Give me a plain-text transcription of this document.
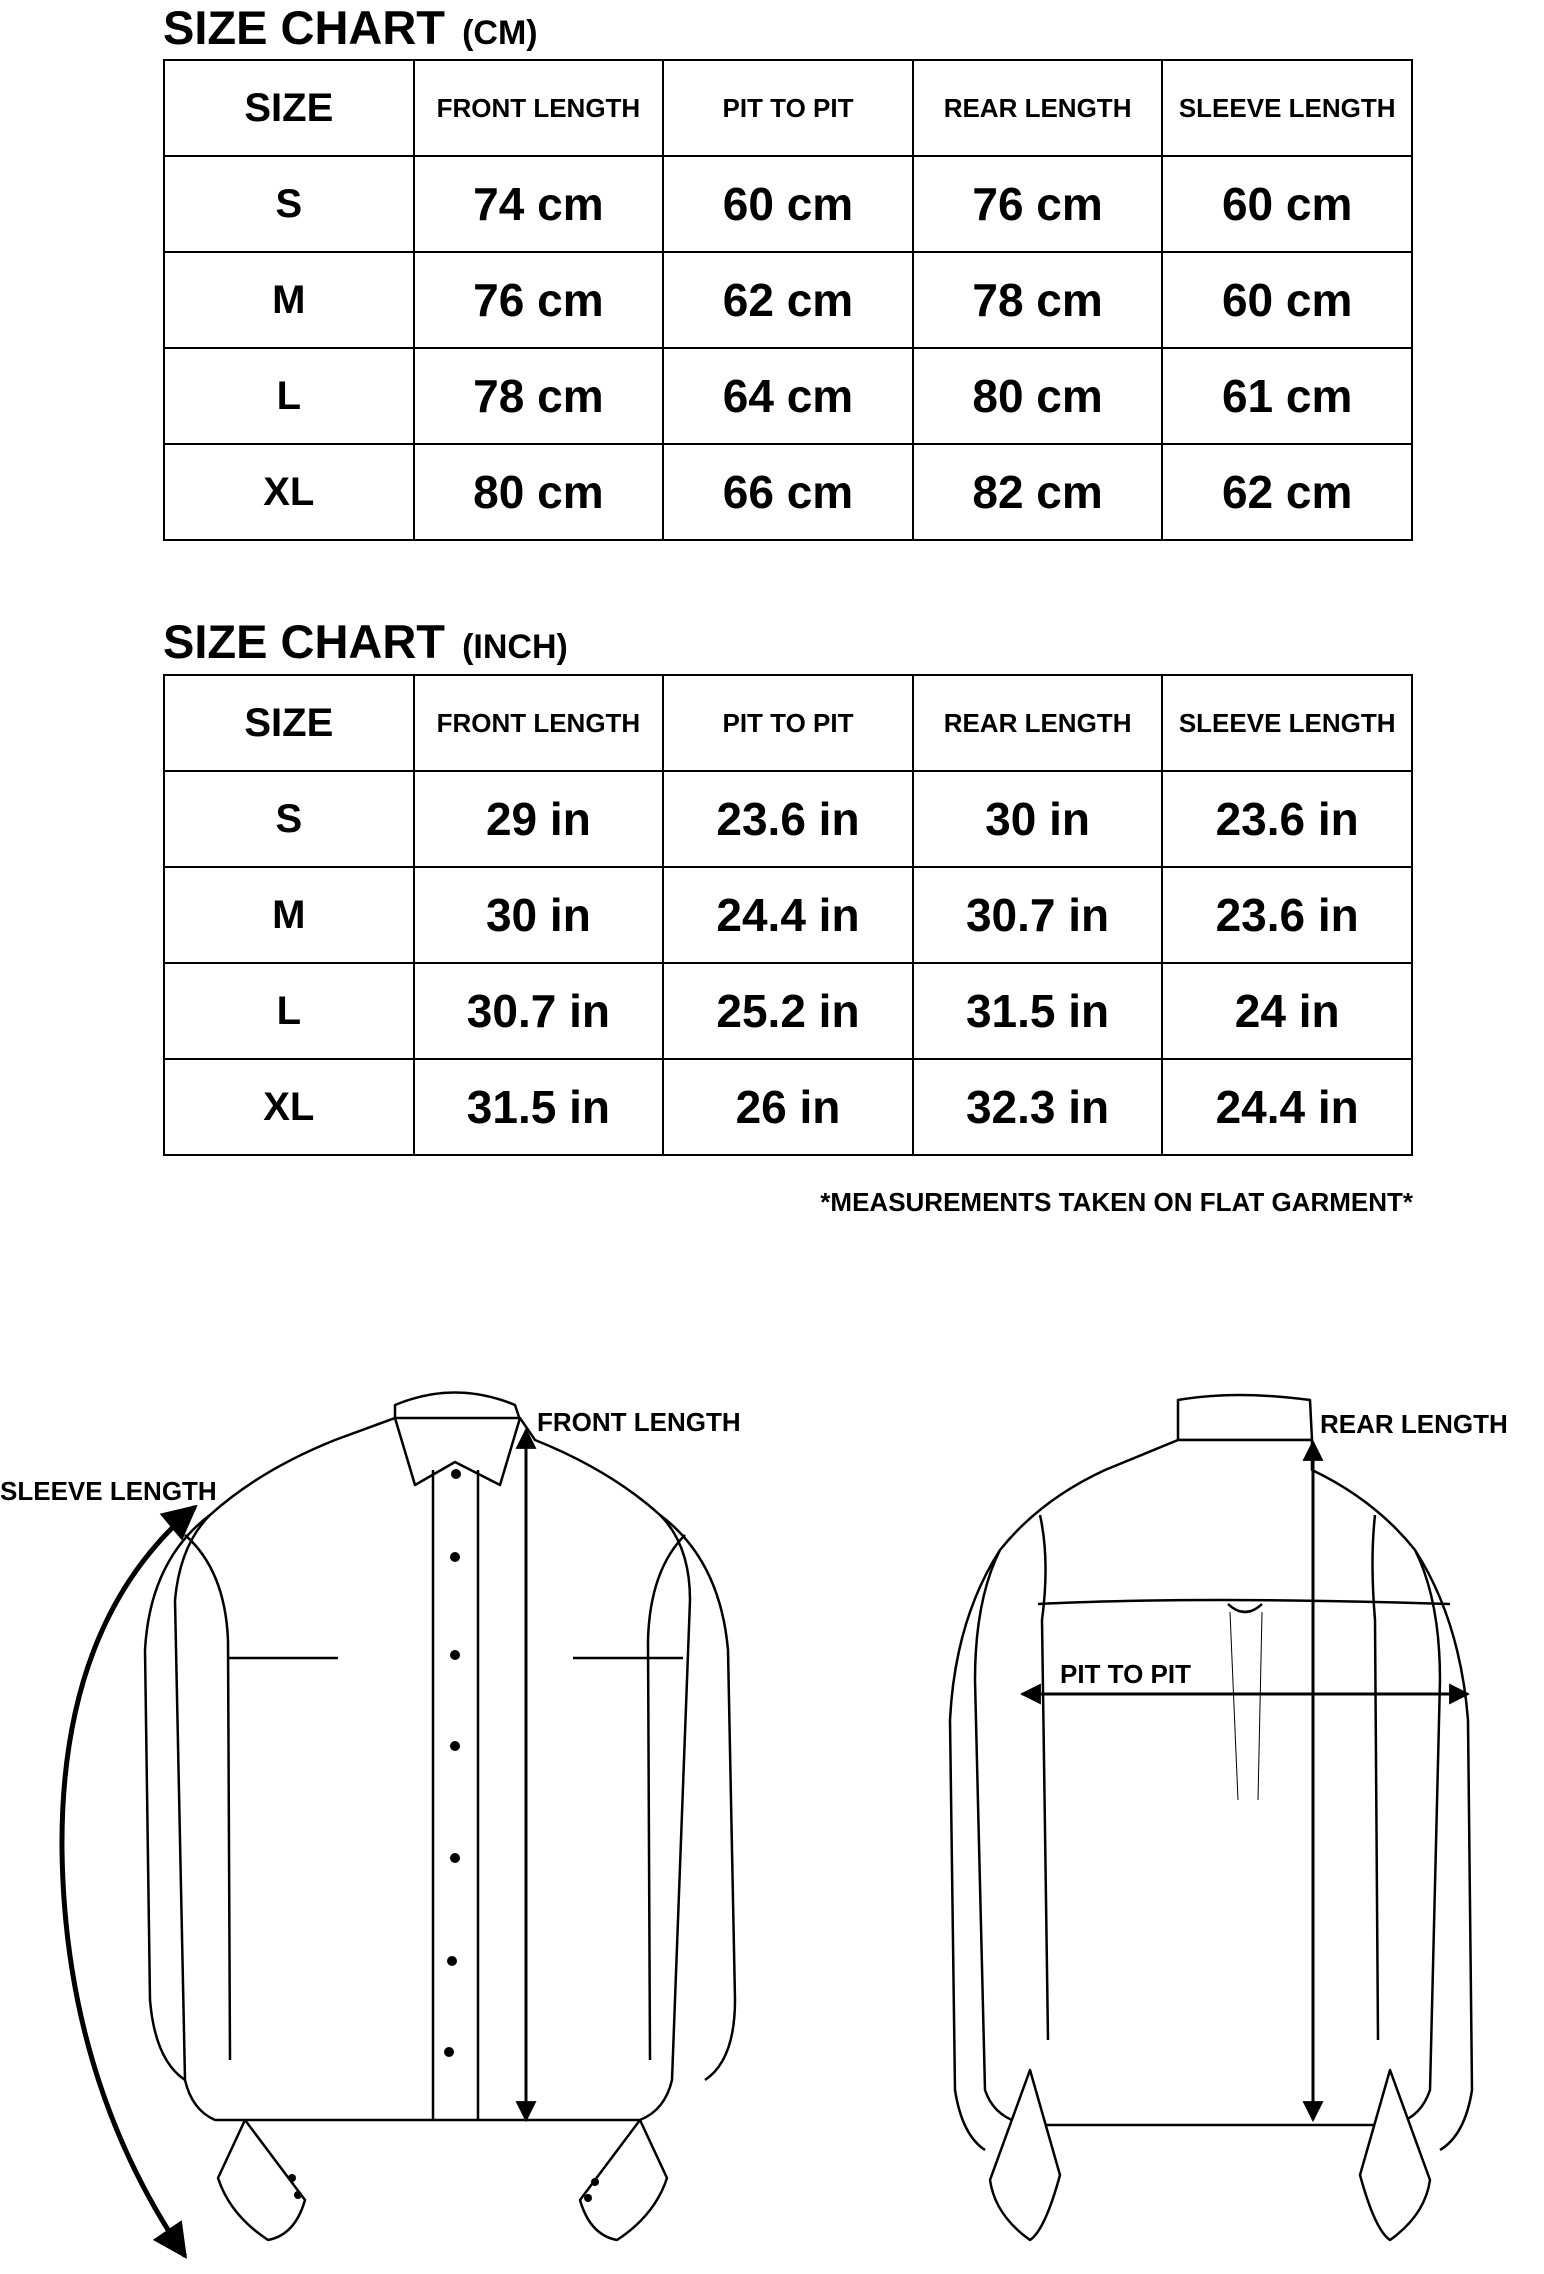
SIZE CHART (CM)
SIZE	FRONT LENGTH	PIT TO PIT	REAR LENGTH	SLEEVE LENGTH
S	74 cm	60 cm	76 cm	60 cm
M	76 cm	62 cm	78 cm	60 cm
L	78 cm	64 cm	80 cm	61 cm
XL	80 cm	66 cm	82 cm	62 cm
SIZE CHART (INCH)
SIZE	FRONT LENGTH	PIT TO PIT	REAR LENGTH	SLEEVE LENGTH
S	29 in	23.6 in	30 in	23.6 in
M	30 in	24.4 in	30.7 in	23.6 in
L	30.7 in	25.2 in	31.5 in	24 in
XL	31.5 in	26 in	32.3 in	24.4 in
*MEASUREMENTS TAKEN ON FLAT GARMENT*
FRONT LENGTH
SLEEVE LENGTH
REAR LENGTH
PIT TO PIT
